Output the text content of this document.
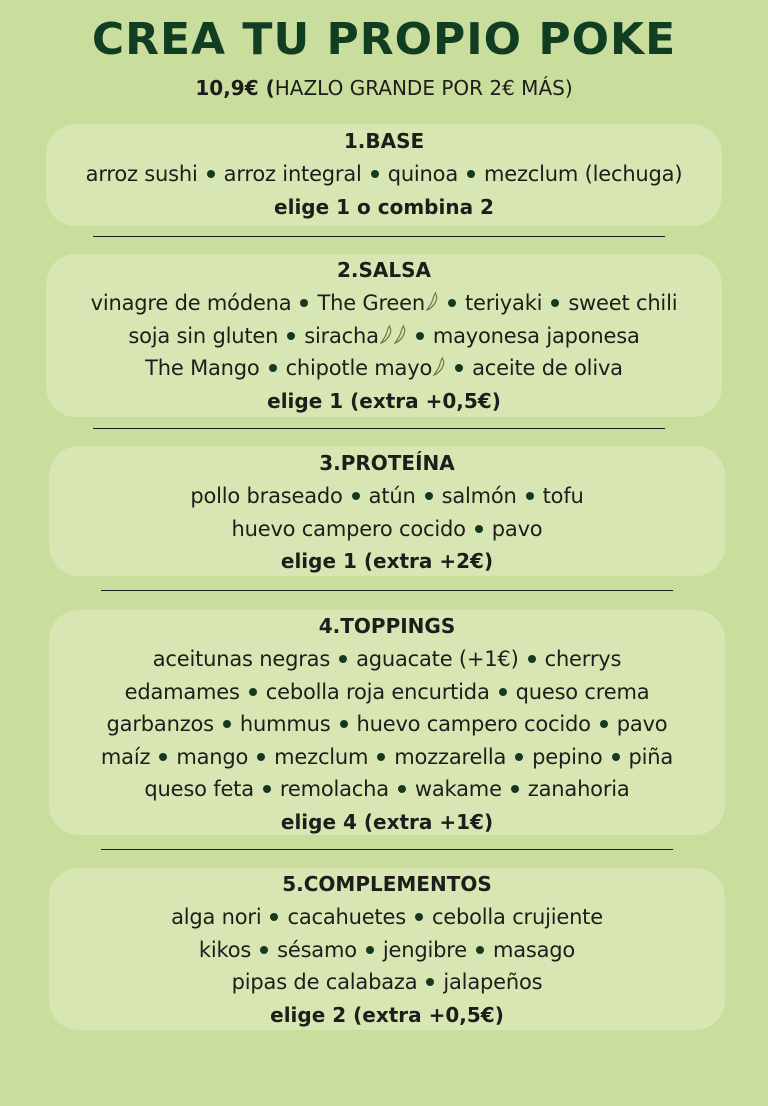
CREA TU PROPIO POKE
10,9€ (HAZLO GRANDE POR 2€ MÁS)
1.BASE
arroz sushi arroz integral quinoa mezclum (lechuga)
elige 1 o combina 2
2.SALSA
vinagre de módena The Green teriyaki sweet chili
soja sin gluten siracha	mayonesa japonesa
The Mango chipotle mayo aceite de oliva
elige 1 (extra +0,5€)
3.PROTEÍNA
pollo braseado atún salmón tofu
huevo campero cocido pavo
elige 1 (extra +2€)
4.TOPPINGS
aceitunas negras aguacate (+1€) cherrys
edamames cebolla roja encurtida queso crema
garbanzos hummus huevo campero cocido pavo
maíz mango mezclum mozzarella pepino piña
queso feta remolacha wakame zanahoria
elige 4 (extra +1€)
5.COMPLEMENTOS
alga nori cacahuetes cebolla crujiente
kikos sésamo jengibre masago
pipas de calabaza jalapeños
elige 2 (extra +0,5€)
